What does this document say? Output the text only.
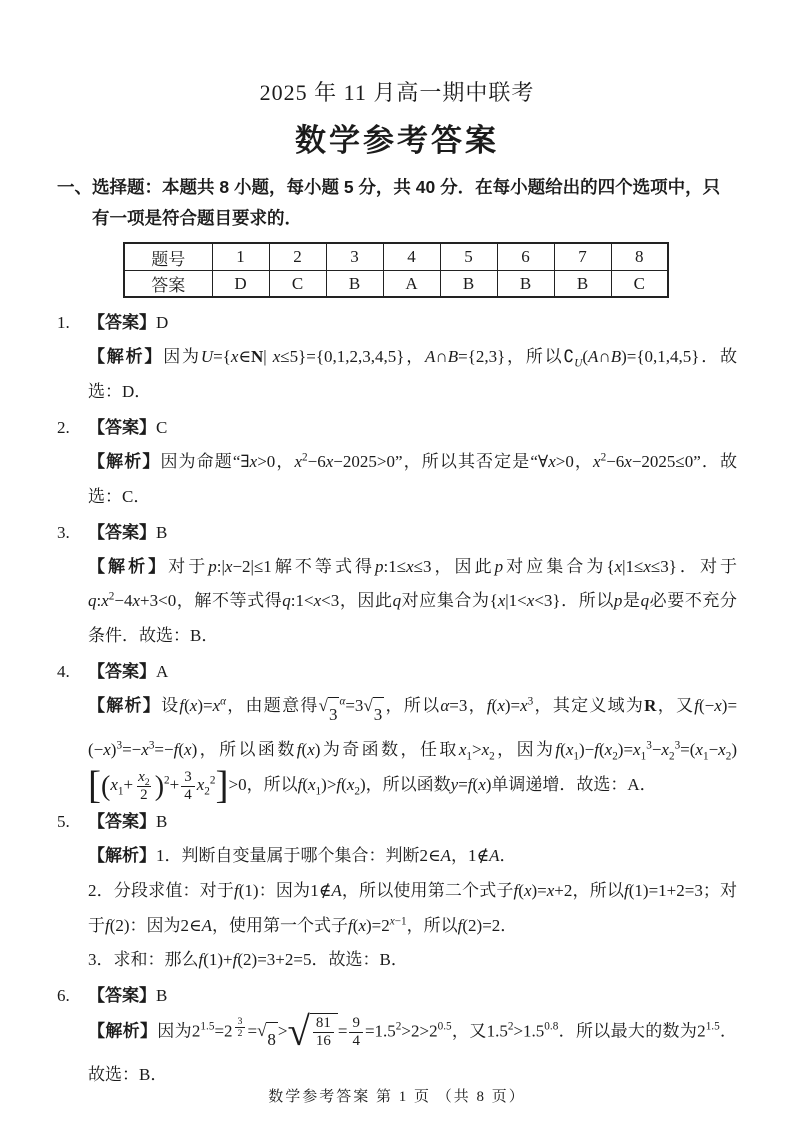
2025 年 11 月高一期中联考
数学参考答案
一、选择题：本题共 8 小题，每小题 5 分，共 40 分．在每小题给出的四个选项中，只有一项是符合题目要求的．
题号	1	2	3	4	5	6	7	8
答案	D	C	B	A	B	B	B	C
1. 【答案】D

【解析】因为U={x∈N| x≤5}={0,1,2,3,4,5}，A∩B={2,3}，所以$∁_U(A\cap B)=\{0,1,4,5\}$．故选：D．

2. 【答案】C

【解析】因为命题“∃x>0，$x^2-6x-2025>0$”，所以其否定是“∀x>0，$x^2-6x-2025\le 0$”．故选：C．

3. 【答案】B

【解析】对于p:|x−2|≤1解不等式得p:1≤x≤3，因此p对应集合为{x|1≤x≤3}．对于$q:x^2-4x+3<0$，解不等式得q:1<x<3，因此q对应集合为{x|1<x<3}．所以p是q必要不充分条件．故选：B．

4. 【答案】A

【解析】设$f(x)=x^\alpha$，由题意得 √ 3
$^\alpha$=3 √ 3 ，所以α=3，$f(x)=x^3$，其定义域为R，又$f(-x)=(-x)^3=-x^3=-f(x)$，所以函数f(x)为奇函数，任取$x_1>x_2$，因为$f(x_1)-f(x_2)=x_1^3-x_2^3=(x_1-x_2)$
[ ( $x_1+ \frac{x_2}{2}$ ) $^2+ \frac{3}{4} x_2^2$ ] >0，所以$f(x_1)>f(x_2)$，所以函数y=f(x)单调递增．故选：A．

5. 【答案】B

【解析】1．判断自变量属于哪个集合：判断2∈A，1∉A．

2．分段求值：对于f(1)：因为1∉A，所以使用第二个式子f(x)=x+2，所以f(1)=1+2=3；对于f(2)：因为2∈A，使用第一个式子$f(x)=2^{x-1}$，所以f(2)=2．

3．求和：那么f(1)+f(2)=3+2=5．故选：B．

6. 【答案】B

【解析】因为$2^{1.5}=2$ $^{\frac{3}{2}}$ = √ 8 > √ $\frac{81}{16} = \frac{9}{4} =1.5^2>2>2^{0.5}$，又$1.5^2>1.5^{0.8}$．所以最大的数为$2^{1.5}$．故选：B．

数学参考答案 第 1 页 （共 8 页）
